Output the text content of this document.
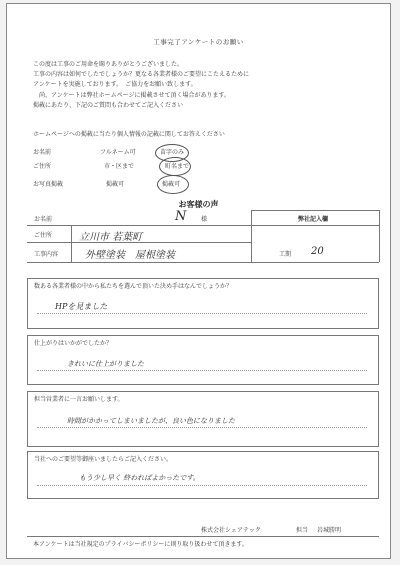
工事完了アンケートのお願い
この度は工事のご用命を賜りありがとうございました。
工事の内容は如何でしたでしょうか？更なる各業者様のご要望にこたえるために
アンケートを実施しております。　ご協力をお願い致します。
尚、アンケートは弊社ホームページに掲載させて頂く場合があります。
掲載にあたり、下記のご質問も合わせてご記入ください
ホームページへの掲載に当たり個人情報の記載に関してお答えください
お名前	フルネーム可	苗字のみ
ご住所	市・区まで	町名まで
お写真掲載	掲載可	掲載可
お客様の声
お名前	N 様	弊社記入欄
ご住所	立川市 若葉町
工事内容	外壁塗装　屋根塗装	工期 20
数ある各業者様の中から私たちを選んで頂いた決め手はなんでしょうか？
HPを見ました
仕上がりはいかがでしたか？
きれいに仕上がりました
担当営業者に一言お願いします。
時間がかかってしまいましたが、良い色になりました
当社へのご要望等御座いましたらご記入ください。
もう少し早く 終わればよかったです。
株式会社シェアテック	担当 岩城勝明
本アンケートは当社規定のプライバシーポリシーに則り取り扱わせて頂きます。
